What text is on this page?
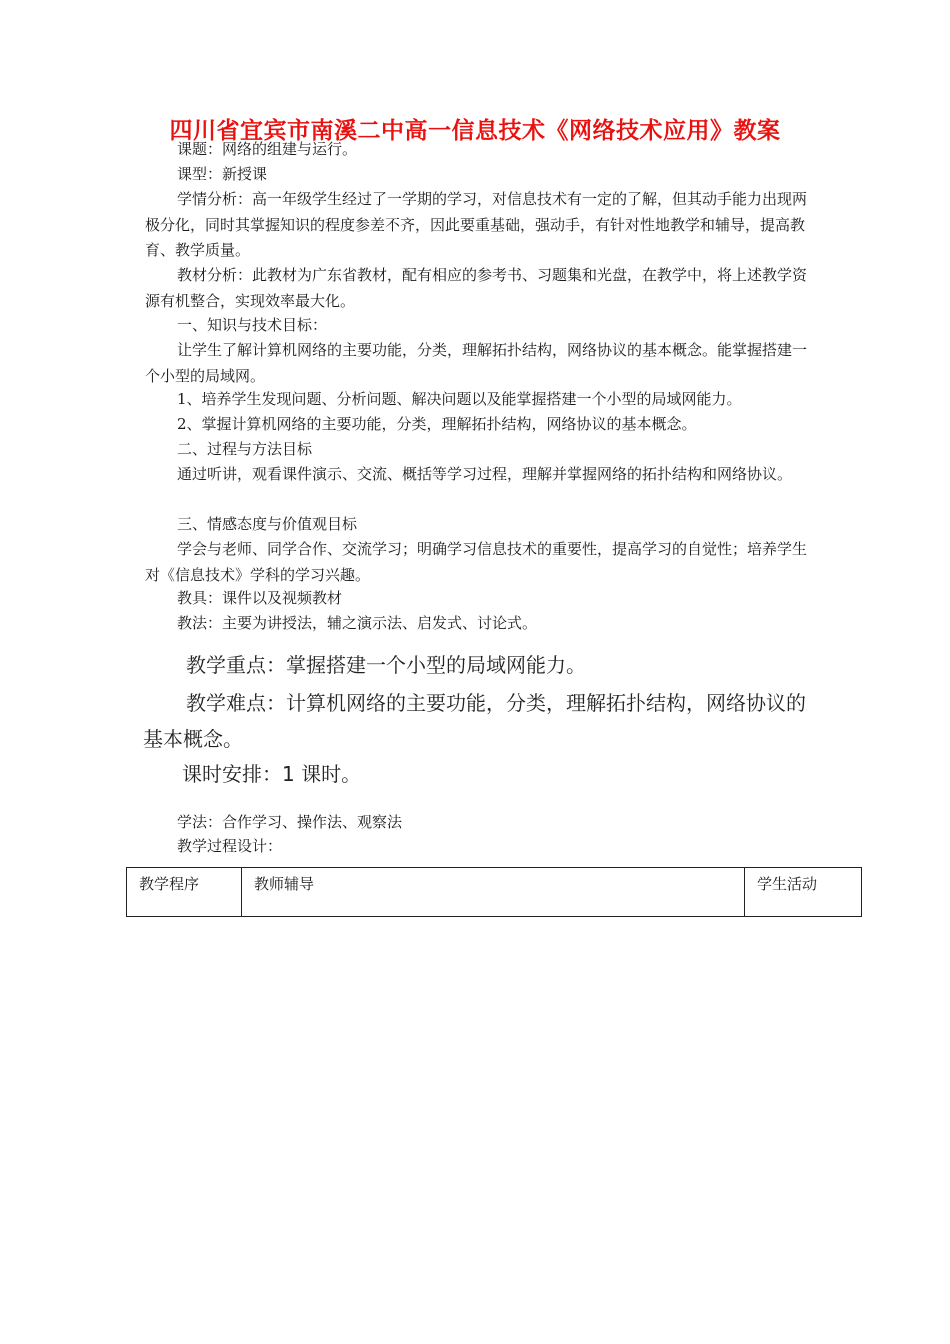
四川省宜宾市南溪二中高一信息技术《网络技术应用》教案

课题：网络的组建与运行。

课型：新授课

学情分析：高一年级学生经过了一学期的学习，对信息技术有一定的了解，但其动手能力出现两极分化，同时其掌握知识的程度参差不齐，因此要重基础，强动手，有针对性地教学和辅导，提高教育、教学质量。

教材分析：此教材为广东省教材，配有相应的参考书、习题集和光盘，在教学中，将上述教学资源有机整合，实现效率最大化。

一、知识与技术目标：

让学生了解计算机网络的主要功能，分类，理解拓扑结构，网络协议的基本概念。能掌握搭建一个小型的局域网。

1、培养学生发现问题、分析问题、解决问题以及能掌握搭建一个小型的局域网能力。

2、掌握计算机网络的主要功能，分类，理解拓扑结构，网络协议的基本概念。

二、过程与方法目标

通过听讲，观看课件演示、交流、概括等学习过程，理解并掌握网络的拓扑结构和网络协议。

三、情感态度与价值观目标

学会与老师、同学合作、交流学习；明确学习信息技术的重要性，提高学习的自觉性；培养学生对《信息技术》学科的学习兴趣。

教具：课件以及视频教材

教法：主要为讲授法，辅之演示法、启发式、讨论式。

教学重点：掌握搭建一个小型的局域网能力。

教学难点：计算机网络的主要功能，分类，理解拓扑结构，网络协议的基本概念。

课时安排：1 课时。

学法：合作学习、操作法、观察法

教学过程设计：

教学程序	教师辅导	学生活动
